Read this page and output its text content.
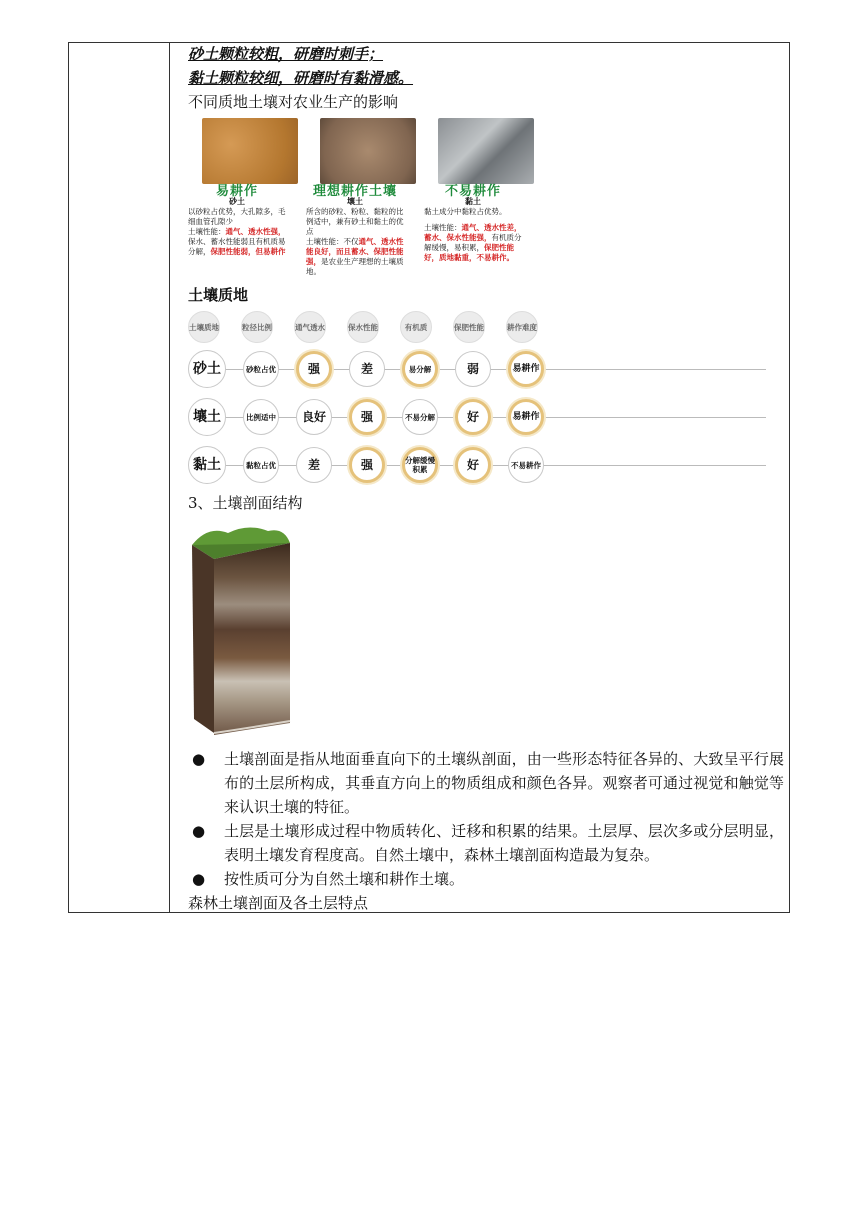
砂土颗粒较粗，研磨时刺手；
黏土颗粒较细，研磨时有黏滑感。
不同质地土壤对农业生产的影响
易耕作
砂土
以砂粒占优势，大孔隙多，毛细血管孔隙少
土壤性能：通气、透水性强，保水、蓄水性能弱且有机质易分解，保肥性能弱，但易耕作
理想耕作土壤
壤土
所含的砂粒、粉粒、黏粒的比例适中，兼有砂土和黏土的优点
土壤性能：不仅通气、透水性能良好，而且蓄水、保肥性能强，是农业生产理想的土壤质地。
不易耕作
黏土
黏土成分中黏粒占优势。
土壤性能：通气、透水性差，蓄水、保水性能强，有机质分解缓慢，易积累，保肥性能好，质地黏重，不易耕作。
土壤质地
土壤质地	粒径比例	通气透水	保水性能	有机质	保肥性能	耕作难度
砂土	砂粒占优	强	差	易分解	弱	易耕作
壤土	比例适中	良好	强	不易分解	好	易耕作
黏土	黏粒占优	差	强	分解缓慢积累	好	不易耕作
3、土壤剖面结构
●	土壤剖面是指从地面垂直向下的土壤纵剖面，由一些形态特征各异的、大致呈平行展布的土层所构成，其垂直方向上的物质组成和颜色各异。观察者可通过视觉和触觉等来认识土壤的特征。
●	土层是土壤形成过程中物质转化、迁移和积累的结果。土层厚、层次多或分层明显，表明土壤发育程度高。自然土壤中，森林土壤剖面构造最为复杂。
●	按性质可分为自然土壤和耕作土壤。
森林土壤剖面及各土层特点
